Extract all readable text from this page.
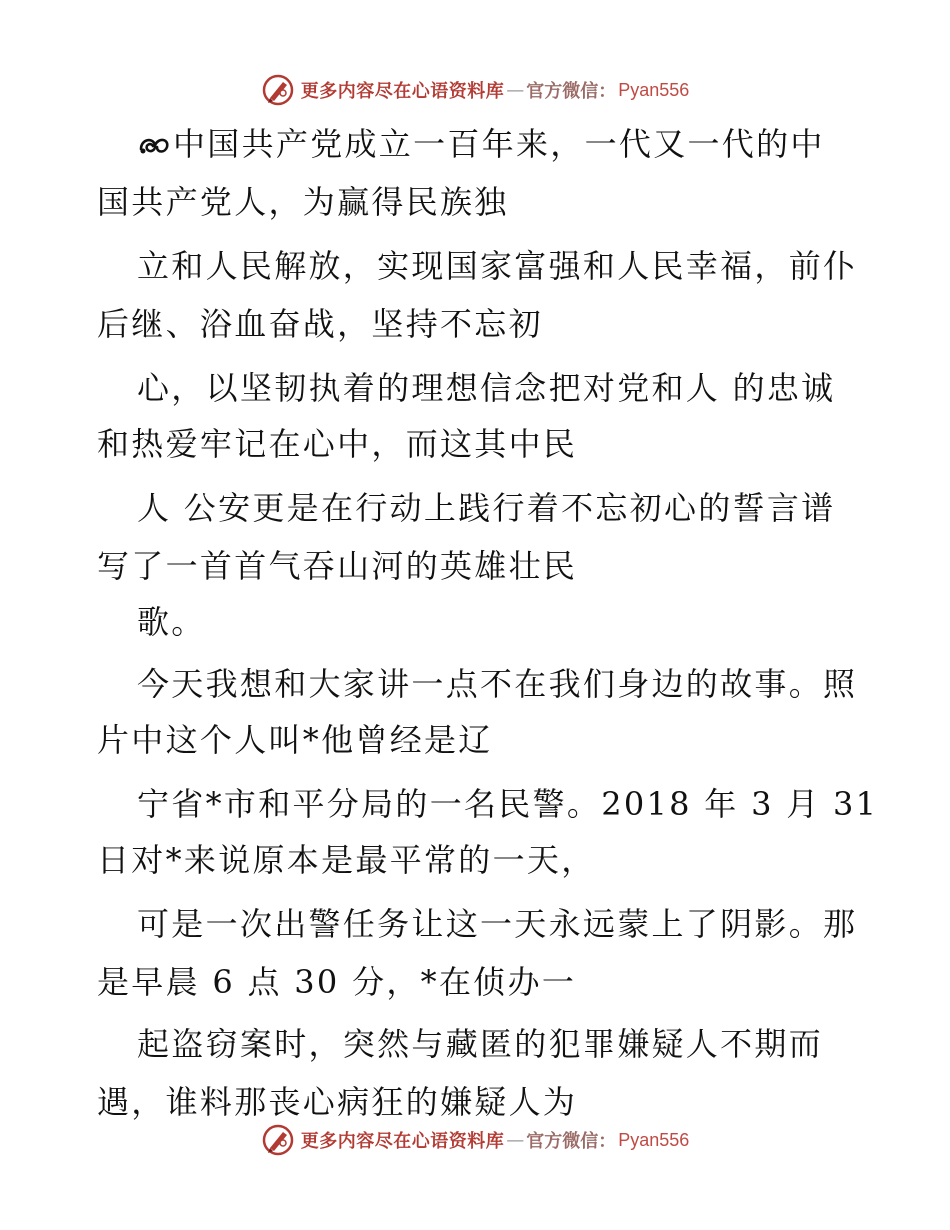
更多内容尽在心语资料库 — 官方微信： Pyan556
中国共产党成立一百年来，一代又一代的中
国共产党人，为赢得民族独
立和人民解放，实现国家富强和人民幸福，前仆
后继、浴血奋战，坚持不忘初
心，以坚韧执着的理想信念把对党和人 的忠诚
和热爱牢记在心中，而这其中民
人 公安更是在行动上践行着不忘初心的誓言谱
写了一首首气吞山河的英雄壮民
歌。
今天我想和大家讲一点不在我们身边的故事。照
片中这个人叫*他曾经是辽
宁省*市和平分局的一名民警。2018 年 3 月 31
日对*来说原本是最平常的一天，
可是一次出警任务让这一天永远蒙上了阴影。那
是早晨 6 点 30 分，*在侦办一
起盗窃案时，突然与藏匿的犯罪嫌疑人不期而
遇，谁料那丧心病狂的嫌疑人为
更多内容尽在心语资料库 — 官方微信： Pyan556
